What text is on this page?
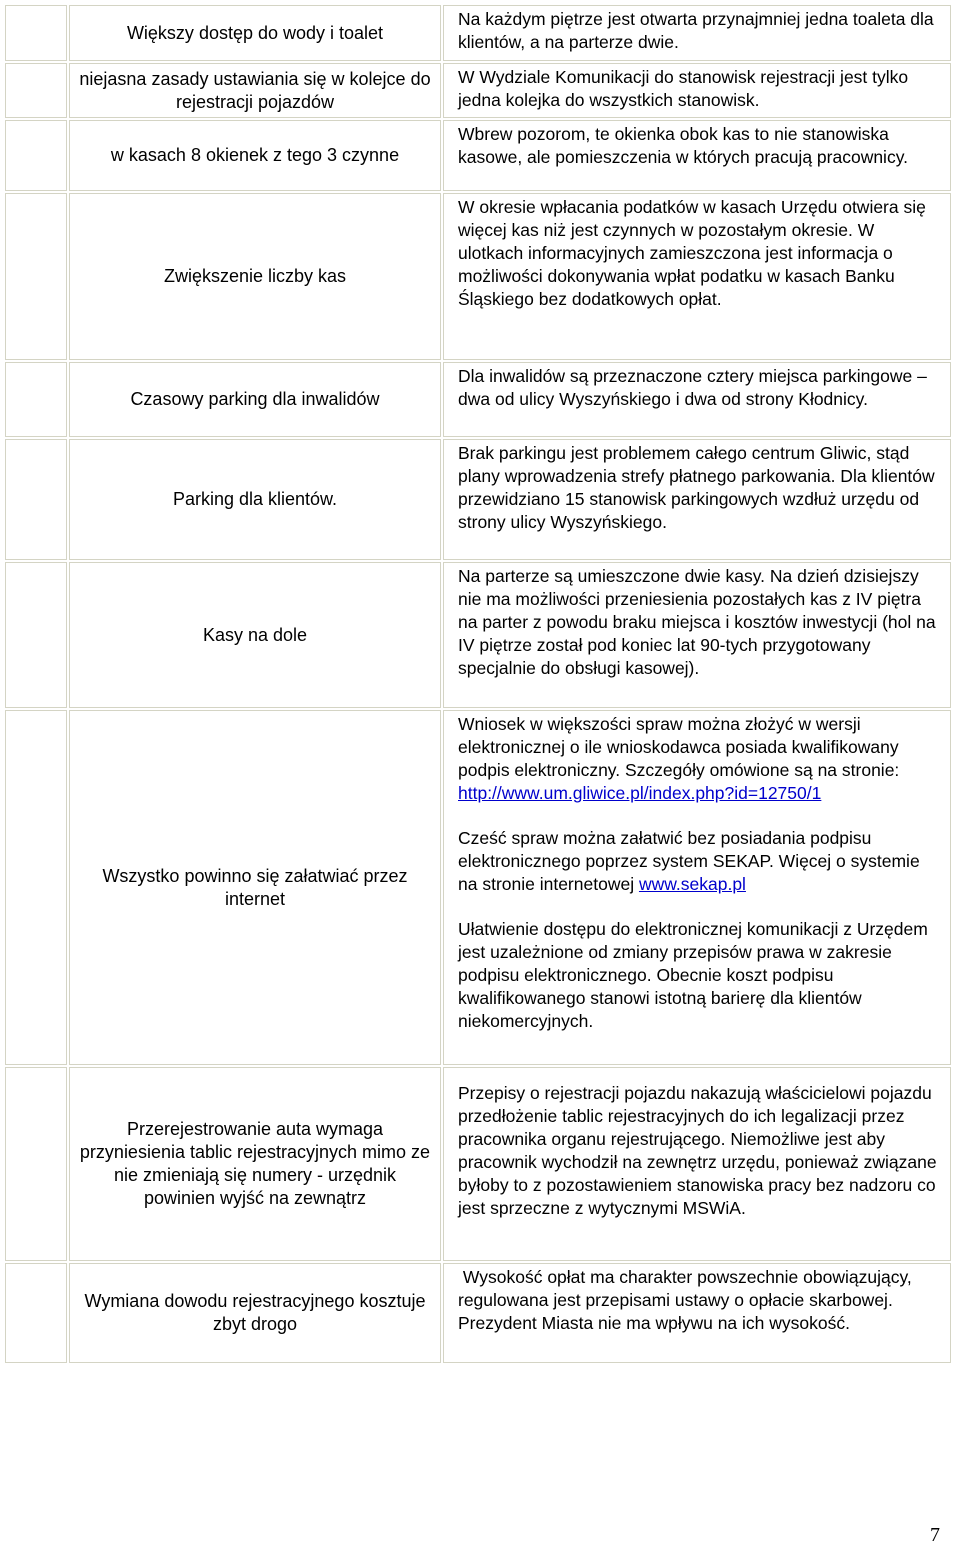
Większy dostęp do wody i toalet

Na każdym piętrze jest otwarta przynajmniej jedna toaleta dla klientów, a na parterze dwie.

niejasna zasady ustawiania się w kolejce do rejestracji pojazdów

W Wydziale Komunikacji do stanowisk rejestracji jest tylko jedna kolejka do wszystkich stanowisk.

w kasach 8 okienek z tego 3 czynne

Wbrew pozorom, te okienka obok kas to nie stanowiska kasowe, ale pomieszczenia w których pracują pracownicy.

Zwiększenie liczby kas

W okresie wpłacania podatków w kasach Urzędu otwiera się więcej kas niż jest czynnych w pozostałym okresie. W ulotkach informacyjnych zamieszczona jest informacja o możliwości dokonywania wpłat podatku w kasach Banku Śląskiego bez dodatkowych opłat.

Czasowy parking dla inwalidów

Dla inwalidów są przeznaczone cztery miejsca parkingowe – dwa od ulicy Wyszyńskiego i dwa od strony Kłodnicy.

Parking dla klientów.

Brak parkingu jest problemem całego centrum Gliwic, stąd plany wprowadzenia strefy płatnego parkowania. Dla klientów przewidziano 15 stanowisk parkingowych wzdłuż urzędu od strony ulicy Wyszyńskiego.

Kasy na dole

Na parterze są umieszczone dwie kasy. Na dzień dzisiejszy nie ma możliwości przeniesienia pozostałych kas z IV piętra na parter z powodu braku miejsca i kosztów inwestycji (hol na IV piętrze został pod koniec lat 90-tych przygotowany specjalnie do obsługi kasowej).

Wszystko powinno się załatwiać przez internet

Wniosek w większości spraw można złożyć w wersji elektronicznej o ile wnioskodawca posiada kwalifikowany podpis elektroniczny. Szczegóły omówione są na stronie: http://www.um.gliwice.pl/index.php?id=12750/1

Cześć spraw można załatwić bez posiadania podpisu elektronicznego poprzez system SEKAP. Więcej o systemie na stronie internetowej www.sekap.pl

Ułatwienie dostępu do elektronicznej komunikacji z Urzędem jest uzależnione od zmiany przepisów prawa w zakresie podpisu elektronicznego. Obecnie koszt podpisu kwalifikowanego stanowi istotną barierę dla klientów niekomercyjnych.

Przerejestrowanie auta wymaga przyniesienia tablic rejestracyjnych mimo ze nie zmieniają się numery - urzędnik powinien wyjść na zewnątrz

Przepisy o rejestracji pojazdu nakazują właścicielowi pojazdu przedłożenie tablic rejestracyjnych do ich legalizacji przez pracownika organu rejestrującego. Niemożliwe jest aby pracownik wychodził na zewnętrz urzędu, ponieważ związane byłoby to z pozostawieniem stanowiska pracy bez nadzoru co jest sprzeczne z wytycznymi MSWiA.

Wymiana dowodu rejestracyjnego kosztuje zbyt drogo

Wysokość opłat ma charakter powszechnie obowiązujący, regulowana jest przepisami ustawy o opłacie skarbowej. Prezydent Miasta nie ma wpływu na ich wysokość.

7
